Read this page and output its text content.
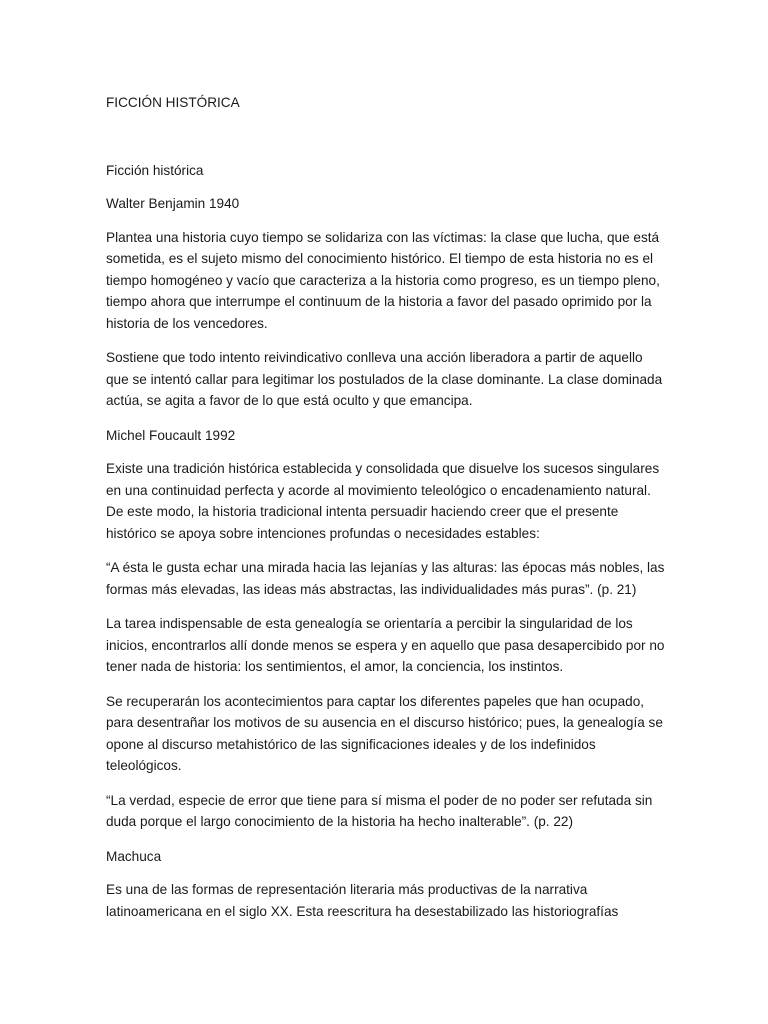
FICCIÓN HISTÓRICA

Ficción histórica

Walter Benjamin 1940

Plantea una historia cuyo tiempo se solidariza con las víctimas: la clase que lucha, que está sometida, es el sujeto mismo del conocimiento histórico. El tiempo de esta historia no es el tiempo homogéneo y vacío que caracteriza a la historia como progreso, es un tiempo pleno, tiempo ahora que interrumpe el continuum de la historia a favor del pasado oprimido por la historia de los vencedores.

Sostiene que todo intento reivindicativo conlleva una acción liberadora a partir de aquello que se intentó callar para legitimar los postulados de la clase dominante. La clase dominada actúa, se agita a favor de lo que está oculto y que emancipa.

Michel Foucault 1992

Existe una tradición histórica establecida y consolidada que disuelve los sucesos singulares en una continuidad perfecta y acorde al movimiento teleológico o encadenamiento natural. De este modo, la historia tradicional intenta persuadir haciendo creer que el presente histórico se apoya sobre intenciones profundas o necesidades estables:

“A ésta le gusta echar una mirada hacia las lejanías y las alturas: las épocas más nobles, las formas más elevadas, las ideas más abstractas, las individualidades más puras”. (p. 21)

La tarea indispensable de esta genealogía se orientaría a percibir la singularidad de los inicios, encontrarlos allí donde menos se espera y en aquello que pasa desapercibido por no tener nada de historia: los sentimientos, el amor, la conciencia, los instintos.

Se recuperarán los acontecimientos para captar los diferentes papeles que han ocupado, para desentrañar los motivos de su ausencia en el discurso histórico; pues, la genealogía se opone al discurso metahistórico de las significaciones ideales y de los indefinidos teleológicos.

“La verdad, especie de error que tiene para sí misma el poder de no poder ser refutada sin duda porque el largo conocimiento de la historia ha hecho inalterable”. (p. 22)

Machuca

Es una de las formas de representación literaria más productivas de la narrativa latinoamericana en el siglo XX. Esta reescritura ha desestabilizado las historiografías
